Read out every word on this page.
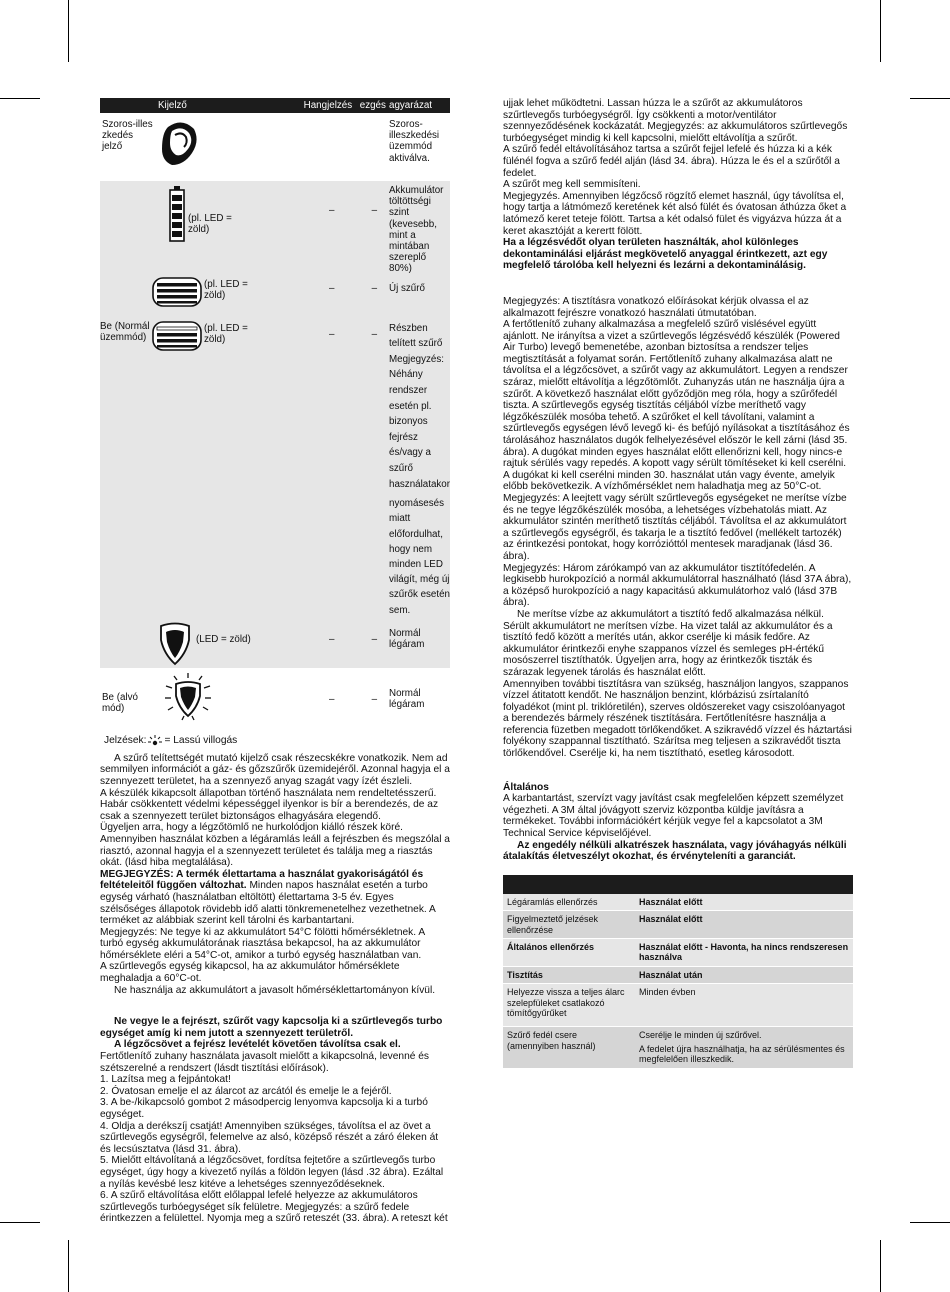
Kijelző	Hangjelzés	ezgés	agyarázat

Szoros-illes zkedés jelző			Szoros-illeszkedési üzemmód aktiválva.

(pl. LED = zöld)	–	–	Akkumulátor töltöttségi szint (kevesebb, mint a mintában szereplő 80%)

(pl. LED = zöld)	–	–	Új szűrő

Be (Normál üzemmód)
(pl. LED = zöld)	–	–	Részben telített szűrő Megjegyzés: Néhány rendszer esetén pl. bizonyos fejrész és/vagy a szűrő használatakor
			nyomásesés miatt előfordulhat, hogy nem minden LED világít, még új szűrők esetén sem.

(LED = zöld)	–	–	Normál légáram

Be (alvó mód)	–	–	Normál légáram
Jelzések: = Lassú villogás

A szűrő telítettségét mutató kijelző csak részecskékre vonatkozik. Nem ad semmilyen információt a gáz- és gőzszűrők üzemidejéről. Azonnal hagyja el a szennyezett területet, ha a szennyező anyag szagát vagy ízét észleli.

A készülék kikapcsolt állapotban történő használata nem rendeltetésszerű. Habár csökkentett védelmi képességgel ilyenkor is bír a berendezés, de az csak a szennyezett terület biztonságos elhagyására elegendő.

Ügyeljen arra, hogy a légzőtömlő ne hurkolódjon kiálló részek köré.

Amennyiben használat közben a légáramlás leáll a fejrészben és megszólal a riasztó, azonnal hagyja el a szennyezett területet és találja meg a riasztás okát. (lásd hiba megtalálása).

MEGJEGYZÉS: A termék élettartama a használat gyakoriságától és feltételeitől függően változhat. Minden napos használat esetén a turbo egység várható (használatban eltöltött) élettartama 3-5 év. Egyes szélsőséges állapotok rövidebb idő alatti tönkremenetelhez vezethetnek. A terméket az alábbiak szerint kell tárolni és karbantartani.

Megjegyzés: Ne tegye ki az akkumulátort 54°C fölötti hőmérsékletnek. A turbó egység akkumulátorának riasztása bekapcsol, ha az akkumulátor hőmérséklete eléri a 54°C-ot, amikor a turbó egység használatban van.

A szűrtlevegős egység kikapcsol, ha az akkumulátor hőmérséklete meghaladja a 60°C-ot.

Ne használja az akkumulátort a javasolt hőmérséklettartományon kívül.

Ne vegye le a fejrészt, szűrőt vagy kapcsolja ki a szűrtlevegős turbo egységet amíg ki nem jutott a szennyezett területről.

A légzőcsövet a fejrész levételét követően távolítsa csak el.

Fertőtlenítő zuhany használata javasolt mielőtt a kikapcsolná, levenné és szétszerelné a rendszert (lásdt tisztítási előírások).

1. Lazítsa meg a fejpántokat!

2. Óvatosan emelje el az álarcot az arcától és emelje le a fejéről.

3. A be-/kikapcsoló gombot 2 másodpercig lenyomva kapcsolja ki a turbó egységet.

4. Oldja a derékszíj csatját! Amennyiben szükséges, távolítsa el az övet a szűrtlevegős egységről, felemelve az alsó, középső részét a záró éleken át és lecsúsztatva (lásd 31. ábra).

5. Mielőtt eltávolítaná a légzőcsövet, fordítsa fejtetőre a szűrtlevegős turbo egységet, úgy hogy a kivezető nyílás a földön legyen (lásd .32 ábra). Ezáltal a nyílás kevésbé lesz kitéve a lehetséges szennyeződéseknek.

6. A szűrő eltávolítása előtt előlappal lefelé helyezze az akkumulátoros szűrtlevegős turbóegységet sík felületre. Megjegyzés: a szűrő fedele érintkezzen a felülettel. Nyomja meg a szűrő reteszét (33. ábra). A reteszt két

ujjak lehet működtetni. Lassan húzza le a szűrőt az akkumulátoros szűrtlevegős turbóegységről. Így csökkenti a motor/ventilátor szennyeződésének kockázatát. Megjegyzés: az akkumulátoros szűrtlevegős turbóegységet mindig ki kell kapcsolni, mielőtt eltávolítja a szűrőt.

A szűrő fedél eltávolításához tartsa a szűrőt fejjel lefelé és húzza ki a kék fülénél fogva a szűrő fedél alján (lásd 34. ábra). Húzza le és el a szűrőtől a fedelet.

A szűrőt meg kell semmisíteni.

Megjegyzés. Amennyiben légzőcső rögzítő elemet használ, úgy távolítsa el, hogy tartja a látmómező keretének két alsó fülét és óvatosan áthúzza őket a latómező keret teteje fölött. Tartsa a két odalsó fület és vigyázva húzza át a keret akasztóját a kerertt fölött.

Ha a légzésvédőt olyan területen használták, ahol különleges dekontaminálási eljárást megkövetelő anyaggal érintkezett, azt egy megfelelő tárolóba kell helyezni és lezárni a dekontaminálásig.

Megjegyzés: A tisztításra vonatkozó előírásokat kérjük olvassa el az alkalmazott fejrészre vonatkozó használati útmutatóban.

A fertőtlenítő zuhany alkalmazása a megfelelő szűrő vislésével együtt ajánlott. Ne irányítsa a vizet a szűrtlevegős légzésvédő készülék (Powered Air Turbo) levegő bemenetébe, azonban biztosítsa a rendszer teljes megtisztítását a folyamat során. Fertőtlenítő zuhany alkalmazása alatt ne távolítsa el a légzőcsövet, a szűrőt vagy az akkumulátort. Legyen a rendszer száraz, mielőtt eltávolítja a légzőtömlőt. Zuhanyzás után ne használja újra a szűrőt. A következő használat előtt győződjön meg róla, hogy a szűrőfedél tiszta. A szűrtlevegős egység tisztítás céljából vízbe meríthető vagy légzőkészülék mosóba tehető. A szűrőket el kell távolítani, valamint a szűrtlevegős egységen lévő levegő ki- és befújó nyílásokat a tisztításához és tárolásához használatos dugók felhelyezésével először le kell zárni (lásd 35. ábra). A dugókat minden egyes használat előtt ellenőrizni kell, hogy nincs-e rajtuk sérülés vagy repedés. A kopott vagy sérült tömítéseket ki kell cserélni. A dugókat ki kell cserélni minden 30. használat után vagy évente, amelyik előbb bekövetkezik. A vízhőmérséklet nem haladhatja meg az 50°C-ot.

Megjegyzés: A leejtett vagy sérült szűrtlevegős egységeket ne merítse vízbe és ne tegye légzőkészülék mosóba, a lehetséges vízbehatolás miatt. Az akkumulátor szintén meríthető tisztítás céljából. Távolítsa el az akkumulátort a szűrtlevegős egységről, és takarja le a tisztító fedővel (mellékelt tartozék) az érintkezési pontokat, hogy korrózióttól mentesek maradjanak (lásd 36. ábra).

Megjegyzés: Három zárókampó van az akkumulátor tisztítófedelén. A legkisebb hurokpozíció a normál akkumulátorral használható (lásd 37A ábra), a középső hurokpozíció a nagy kapacitású akkumulátorhoz való (lásd 37B ábra).

Ne merítse vízbe az akkumulátort a tisztító fedő alkalmazása nélkül. Sérült akkumulátort ne merítsen vízbe. Ha vizet talál az akkumulátor és a tisztító fedő között a merítés után, akkor cserélje ki másik fedőre. Az akkumulátor érintkezői enyhe szappanos vízzel és semleges pH-értékű mosószerrel tisztíthatók. Ügyeljen arra, hogy az érintkezők tiszták és szárazak legyenek tárolás és használat előtt.

Amennyiben további tisztításra van szükség, használjon langyos, szappanos vízzel átitatott kendőt. Ne használjon benzint, klórbázisú zsírtalanító folyadékot (mint pl. triklóretilén), szerves oldószereket vagy csiszolóanyagot a berendezés bármely részének tisztítására. Fertőtlenítésre használja a referencia füzetben megadott törlőkendőket. A szikravédő vízzel és háztartási folyékony szappannal tisztítható. Szárítsa meg teljesen a szikravédőt tiszta törlőkendővel. Cserélje ki, ha nem tisztítható, esetleg károsodott.

Általános

A karbantartást, szervízt vagy javítást csak megfelelően képzett személyzet végezheti. A 3M által jóvágyott szerviz központba küldje javításra a termékeket. További információkért kérjük vegye fel a kapcsolatot a 3M Technical Service képviselőjével.

Az engedély nélküli alkatrészek használata, vagy jóváhagyás nélküli átalakítás életveszélyt okozhat, és érvényteleníti a garanciát.

Légáramlás ellenőrzés	Használat előtt
Figyelmeztető jelzések ellenőrzése	Használat előtt
Általános ellenőrzés	Használat előtt - Havonta, ha nincs rendszeresen használva
Tisztítás	Használat után
Helyezze vissza a teljes álarc szelepfüleket csatlakozó tömítőgyűrűket	Minden évben
Szűrő fedél csere (amennyiben használ)	Cserélje le minden új szűrővel.
A fedelet újra használhatja, ha az sérülésmentes és megfelelően illeszkedik.
